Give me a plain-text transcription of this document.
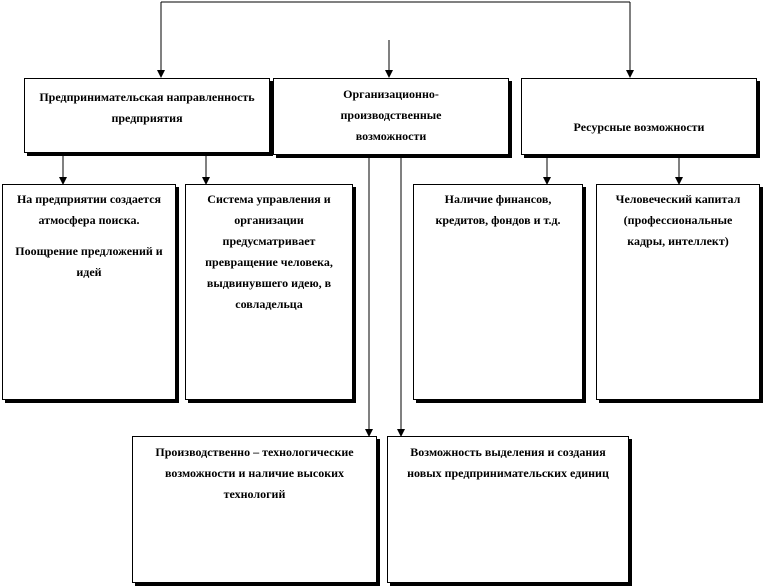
Предпринимательская направленность предприятия

Организационно-производственные возможности

Ресурсные возможности

На предприятии создается атмосфера поиска.

Поощрение предложений и идей

Система управления и организации предусматривает превращение человека, выдвинувшего идею, в совладельца

Наличие финансов, кредитов, фондов и т.д.

Человеческий капитал (профессиональные кадры, интеллект)

Производственно – технологические возможности и наличие высоких технологий

Возможность выделения и создания новых предпринимательских единиц
